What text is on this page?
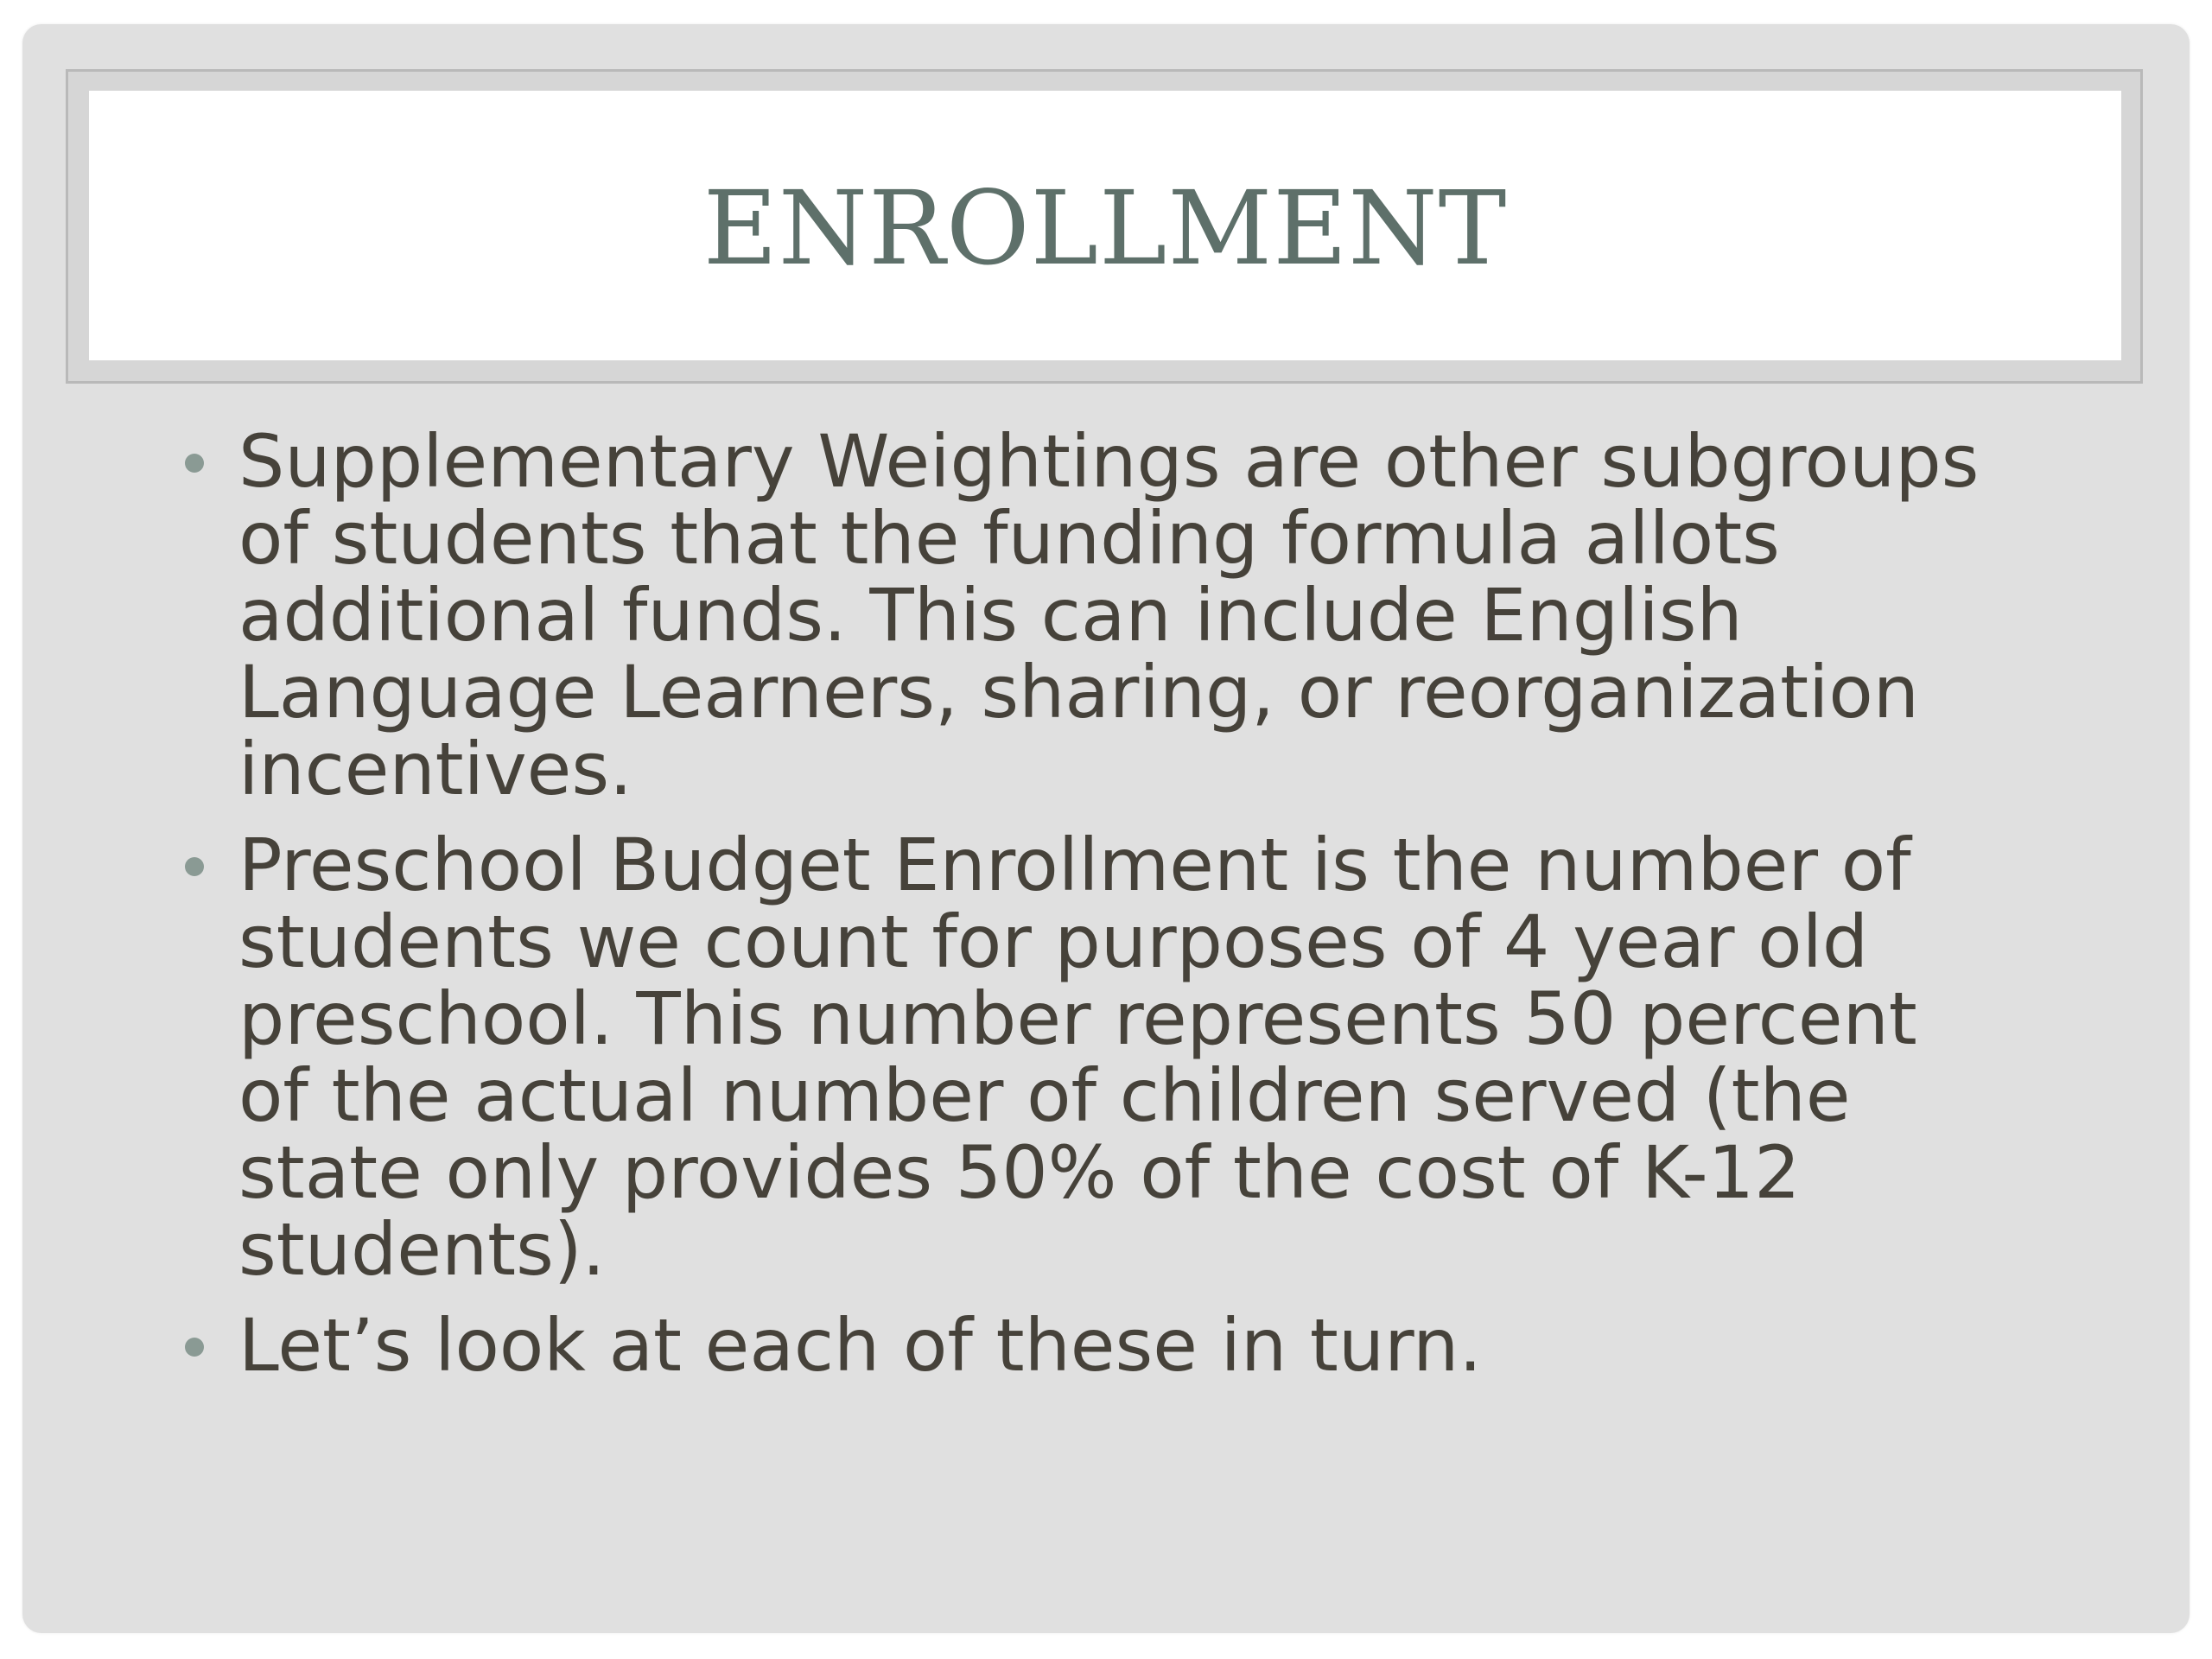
ENROLLMENT
Supplementary Weightings are other subgroups
of students that the funding formula allots
additional funds. This can include English
Language Learners, sharing, or reorganization
incentives.
Preschool Budget Enrollment is the number of
students we count for purposes of 4 year old
preschool. This number represents 50 percent
of the actual number of children served (the
state only provides 50% of the cost of K-12
students).
Let’s look at each of these in turn.
